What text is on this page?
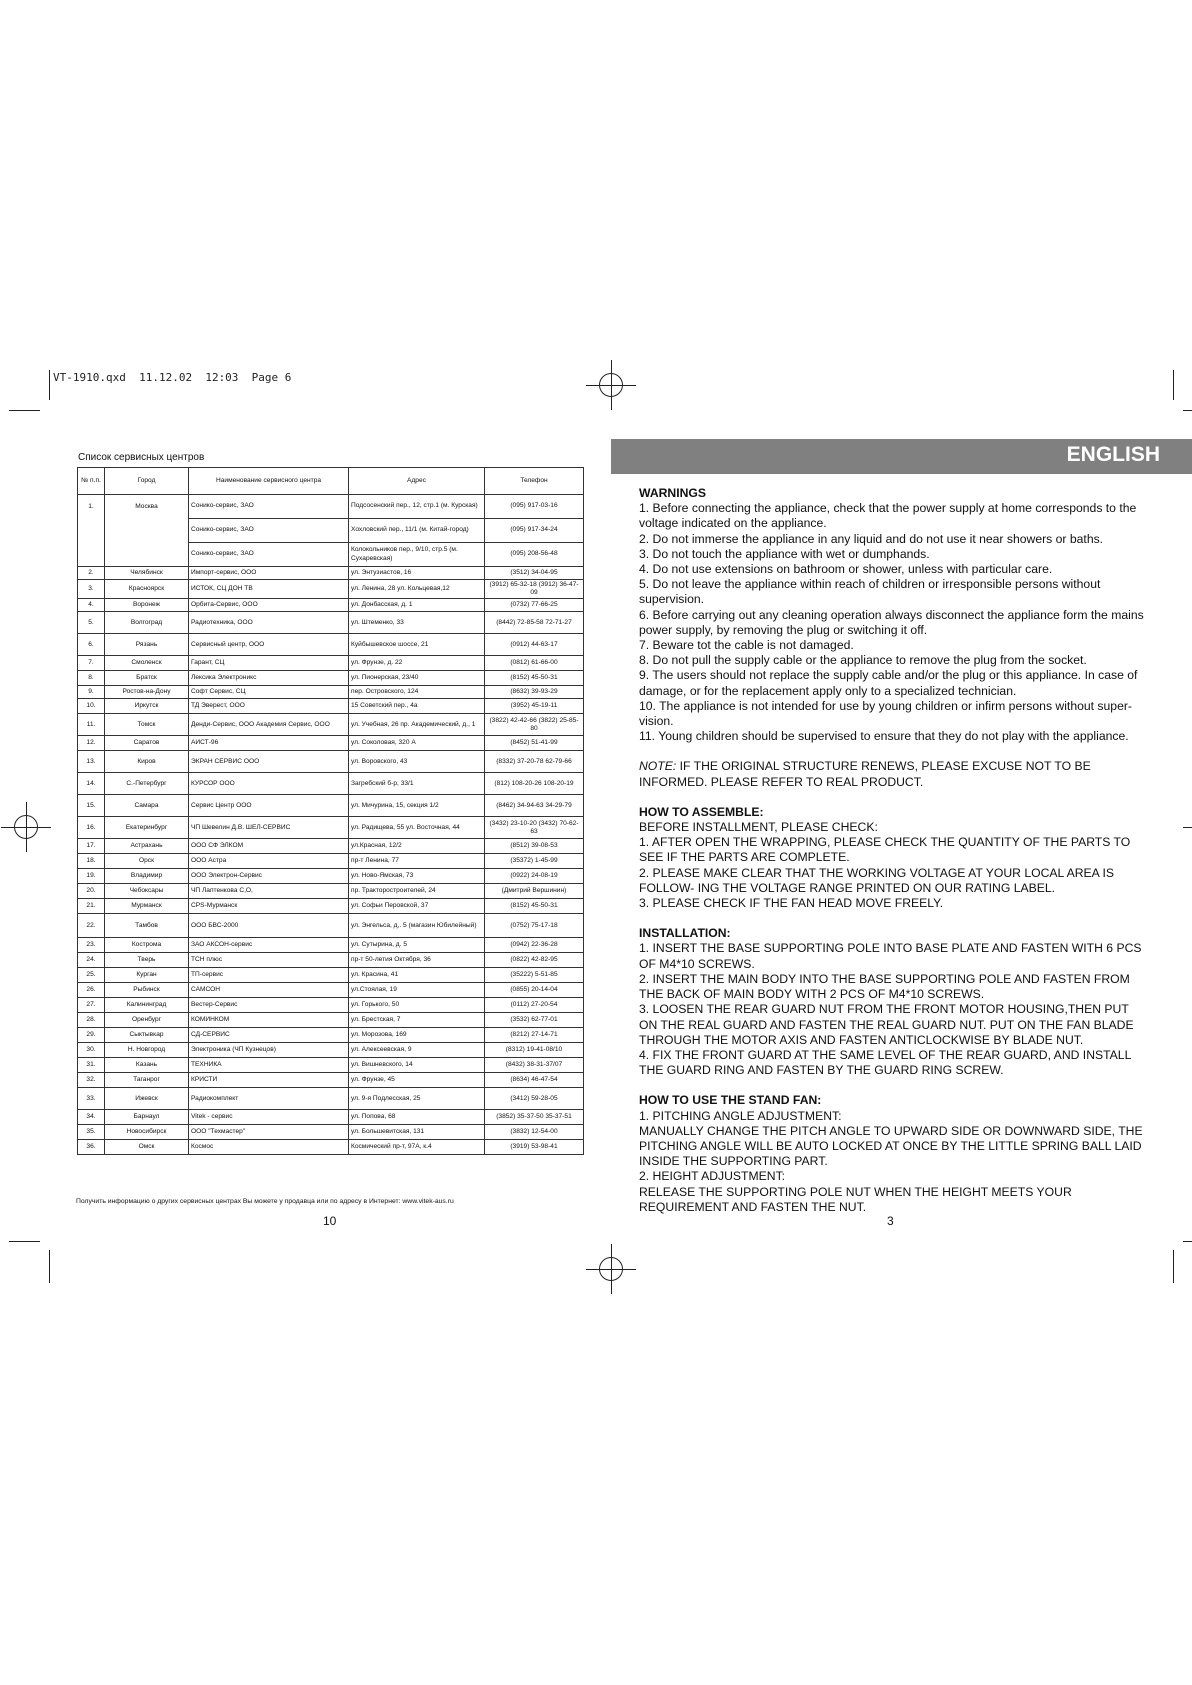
VT-1910.qxd  11.12.02  12:03  Page 6
Список сервисных центров
№ п.п.	Город	Наименование сервисного центра	Адрес	Телефон
1.	Москва	Сонико-сервис, ЗАО	Подсосенский пер., 12, стр.1 (м. Курская)	(095) 917-03-16
		Сонико-сервис, ЗАО	Хохловский пер., 11/1 (м. Китай-город)	(095) 917-34-24
		Сонико-сервис, ЗАО	Колокольников пер., 9/10, стр.5 (м. Сухаревская)	(095) 208-56-48
2.	Челябинск	Импорт-сервис, ООО	ул. Энтузиастов, 16	(3512) 34-04-95
3.	Красноярск	ИСТОК, СЦ ДОН ТВ	ул. Ленина, 28 ул. Кольцевая,12	(3912) 65-32-18 (3912) 36-47-09
4.	Воронеж	Орбита-Сервис, ООО	ул. Донбасская, д. 1	(0732) 77-66-25
5.	Волгоград	Радиотехника, ООО	ул. Штеменко, 33	(8442) 72-85-58 72-71-27
6.	Рязань	Сервисный центр, ООО	Куйбышевское шоссе, 21	(0912) 44-63-17
7.	Смоленск	Гарант, СЦ	ул. Фрунзе, д. 22	(0812) 61-66-00
8.	Братск	Лексика Электроникс	ул. Пионерская, 23/40	(8152) 45-50-31
9.	Ростов-на-Дону	Софт Сервис, СЦ	пер. Островского, 124	(8632) 39-93-29
10.	Иркутск	ТД Эверест, ООО	15 Советский пер., 4а	(3952) 45-19-11
11.	Томск	Денди-Сервис, ООО Академия Сервис, ООО	ул. Учебная, 26 пр. Академический, д., 1	(3822) 42-42-66 (3822) 25-85-80
12.	Саратов	АИСТ-96	ул. Соколовая, 320 А	(8452) 51-41-99
13.	Киров	ЭКРАН СЕРВИС ООО	ул. Воровского, 43	(8332) 37-20-78 62-79-66
14.	С.-Петербург	КУРСОР ООО	Загребский б-р, 33/1	(812) 108-20-26 108-20-19
15.	Самара	Сервис Центр ООО	ул. Мичурина, 15, секция 1/2	(8462) 34-94-63 34-29-79
16.	Екатеринбург	ЧП Шевелин Д.В. ШЕЛ-СЕРВИС	ул. Радищева, 55 ул. Восточная, 44	(3432) 23-10-20 (3432) 70-62-63
17.	Астрахань	ООО СФ ЭЛКОМ	ул.Красная, 12/2	(8512) 39-08-53
18.	Орск	ООО Астра	пр-т Ленина, 77	(35372) 1-45-99
19.	Владимир	ООО Электрон-Сервис	ул. Ново-Ямская, 73	(0922) 24-08-19
20.	Чебоксары	ЧП Лаптенкова С,О,	пр. Тракторостроителей, 24	(Дмитрий Вершинин)
21.	Мурманск	CPS-Мурманск	ул. Софьи Перовской, 37	(8152) 45-50-31
22.	Тамбов	ООО БВС-2000	ул. Энгельса, д,. 5 (магазин Юбилейный)	(0752) 75-17-18
23.	Кострома	ЗАО АКСОН-сервис	ул. Сутырина, д. 5	(0942) 22-36-28
24.	Тверь	ТСН плюс	пр-т 50-летия Октября, 36	(0822) 42-82-95
25.	Курган	ТП-сервис	ул. Красина, 41	(35222) 5-51-85
26.	Рыбинск	САМСОН	ул.Стоялая, 19	(0855) 20-14-04
27.	Калининград	Вестер-Сервис	ул. Горького, 50	(0112) 27-20-54
28.	Оренбург	КОМИНКОМ	ул. Брестская, 7	(3532) 62-77-01
29.	Сыктывкар	СД-СЕРВИС	ул. Морозова, 169	(8212) 27-14-71
30.	Н. Новгород	Электроника (ЧП Кузнецов)	ул. Алексеевская, 9	(8312) 19-41-08/10
31.	Казань	ТЕХНИКА	ул. Вишневского, 14	(8432) 38-31-37/07
32.	Таганрог	КРИСТИ	ул. Фрунзе, 45	(8634) 46-47-54
33.	Ижевск	Радиокомплект	ул. 9-я Подлесская, 25	(3412) 59-28-05
34.	Барнаул	Vitek - сервис	ул. Попова, 68	(3852) 35-37-50 35-37-51
35.	Новосибирск	ООО "Техмастер"	ул. Большевитская, 131	(3832) 12-54-00
36.	Омск	Космос	Космический пр-т, 97А, к.4	(3919) 53-98-41
Получить информацию о других сервисных центрах Вы можете у продавца или по адресу в Интернет: www.vitek-aus.ru
10
ENGLISH
WARNINGS

1. Before connecting the appliance, check that the power supply at home corresponds to the voltage indicated on the appliance.

2. Do not immerse the appliance in any liquid and do not use it near showers or baths.

3. Do not touch the appliance with wet or dumphands.

4. Do not use extensions on bathroom or shower, unless with particular care.

5. Do not leave the appliance within reach of children or irresponsible persons without supervision.

6. Before carrying out any cleaning operation always disconnect the appliance form the mains power supply, by removing the plug or switching it off.

7. Beware tot the cable is not damaged.

8. Do not pull the supply cable or the appliance to remove the plug from the socket.

9. The users should not replace the supply cable and/or the plug or this appliance. In case of damage, or for the replacement apply only to a specialized technician.

10. The appliance is not intended for use by young children or infirm persons without super- vision.

11. Young children should be supervised to ensure that they do not play with the appliance.

NOTE: IF THE ORIGINAL STRUCTURE RENEWS, PLEASE EXCUSE NOT TO BE INFORMED. PLEASE REFER TO REAL PRODUCT.

HOW TO ASSEMBLE:

BEFORE INSTALLMENT, PLEASE CHECK:

1. AFTER OPEN THE WRAPPING, PLEASE CHECK THE QUANTITY OF THE PARTS TO SEE IF THE PARTS ARE COMPLETE.

2. PLEASE MAKE CLEAR THAT THE WORKING VOLTAGE AT YOUR LOCAL AREA IS FOLLOW- ING THE VOLTAGE RANGE PRINTED ON OUR RATING LABEL.

3. PLEASE CHECK IF THE FAN HEAD MOVE FREELY.

INSTALLATION:

1. INSERT THE BASE SUPPORTING POLE INTO BASE PLATE AND FASTEN WITH 6 PCS OF M4*10 SCREWS.

2. INSERT THE MAIN BODY INTO THE BASE SUPPORTING POLE AND FASTEN FROM THE BACK OF MAIN BODY WITH 2 PCS OF M4*10 SCREWS.

3. LOOSEN THE REAR GUARD NUT FROM THE FRONT MOTOR HOUSING,THEN PUT ON THE REAL GUARD AND FASTEN THE REAL GUARD NUT. PUT ON THE FAN BLADE THROUGH THE MOTOR AXIS AND FASTEN ANTICLOCKWISE BY BLADE NUT.

4. FIX THE FRONT GUARD AT THE SAME LEVEL OF THE REAR GUARD, AND INSTALL THE GUARD RING AND FASTEN BY THE GUARD RING SCREW.

HOW TO USE THE STAND FAN:

1. PITCHING ANGLE ADJUSTMENT:

MANUALLY CHANGE THE PITCH ANGLE TO UPWARD SIDE OR DOWNWARD SIDE, THE PITCHING ANGLE WILL BE AUTO LOCKED AT ONCE BY THE LITTLE SPRING BALL LAID INSIDE THE SUPPORTING PART.

2. HEIGHT ADJUSTMENT:

RELEASE THE SUPPORTING POLE NUT WHEN THE HEIGHT MEETS YOUR REQUIREMENT AND FASTEN THE NUT.

3
